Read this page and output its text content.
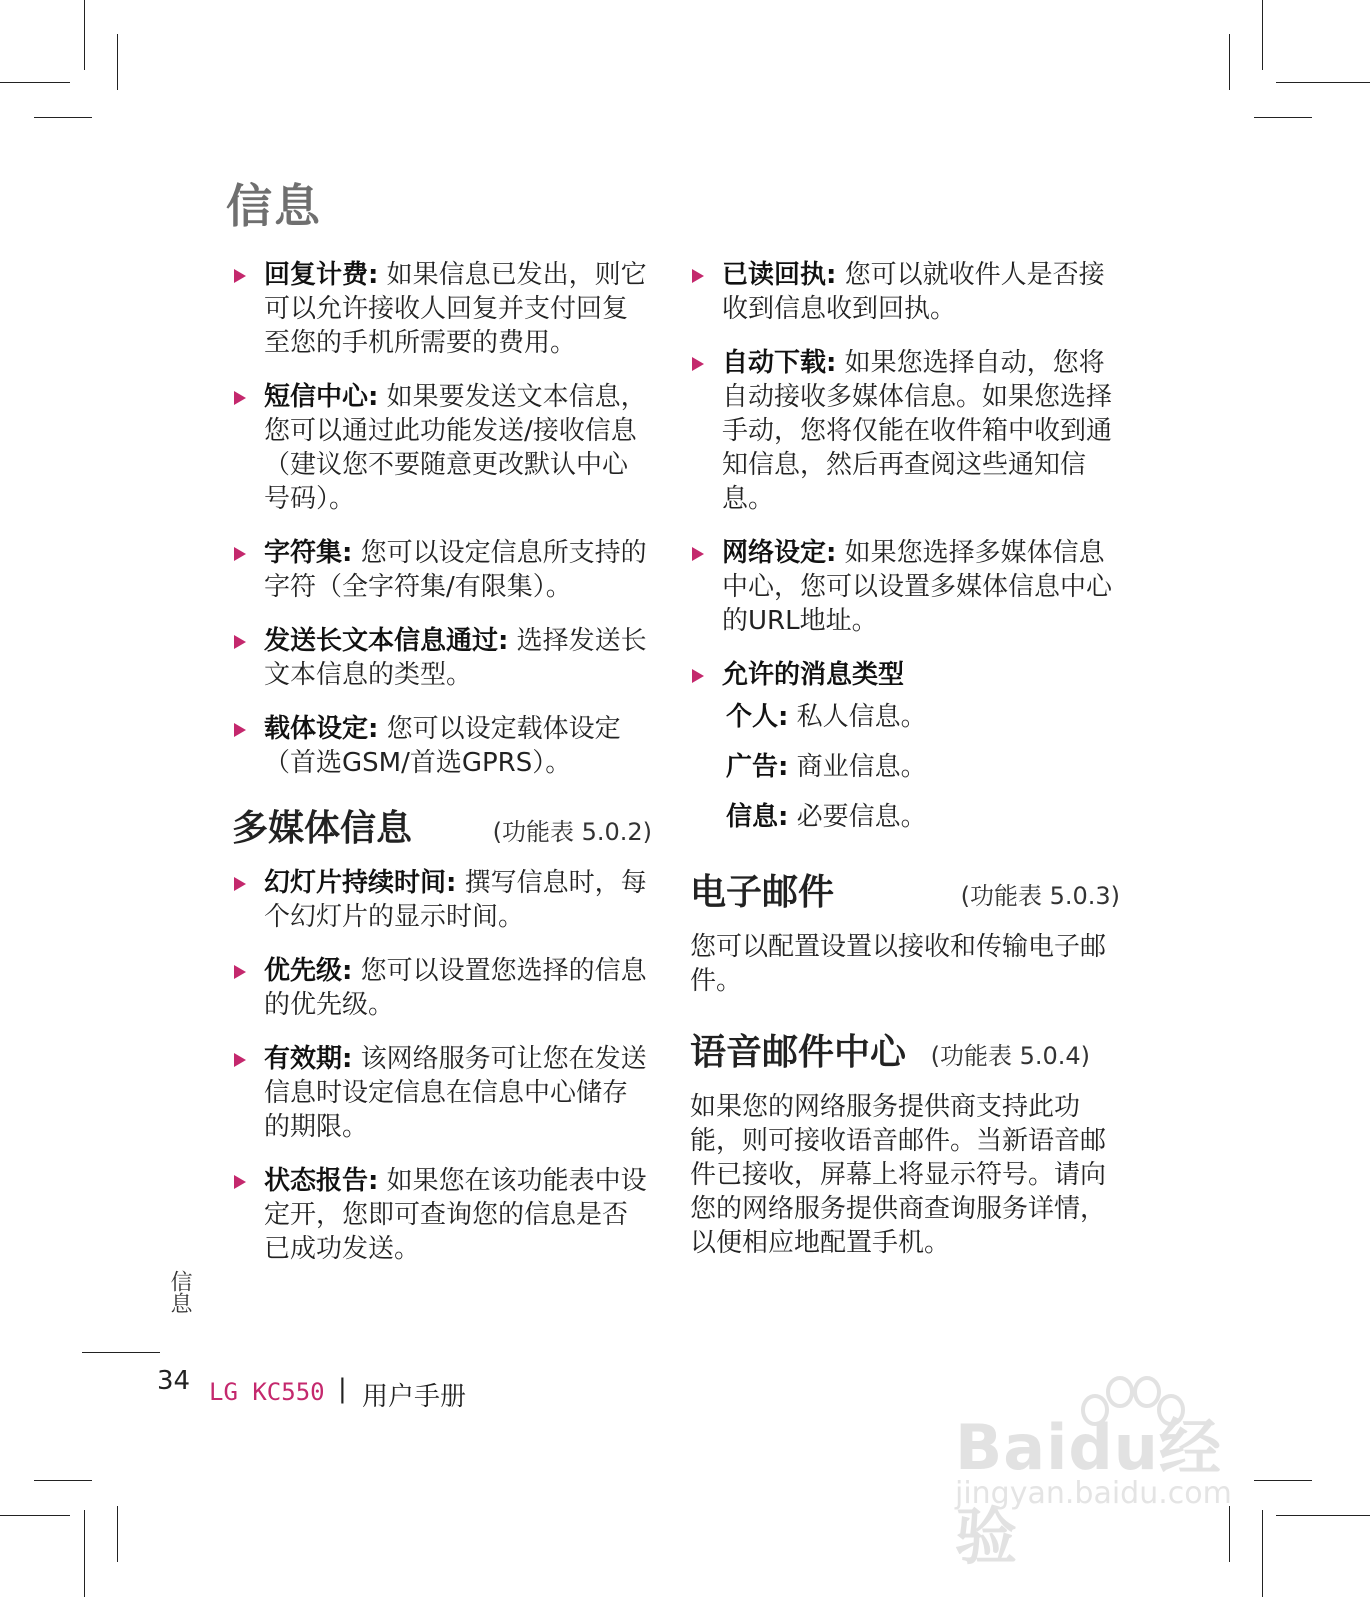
信息
回复计费: 如果信息已发出，则它可以允许接收人回复并支付回复至您的手机所需要的费用。
短信中心: 如果要发送文本信息，您可以通过此功能发送/接收信息（建议您不要随意更改默认中心号码）。
字符集: 您可以设定信息所支持的字符（全字符集/有限集）。
发送长文本信息通过: 选择发送长文本信息的类型。
载体设定: 您可以设定载体设定（首选GSM/首选GPRS）。
多媒体信息	(功能表 5.0.2)
幻灯片持续时间: 撰写信息时，每个幻灯片的显示时间。
优先级: 您可以设置您选择的信息的优先级。
有效期: 该网络服务可让您在发送信息时设定信息在信息中心储存的期限。
状态报告: 如果您在该功能表中设定开，您即可查询您的信息是否已成功发送。
已读回执: 您可以就收件人是否接收到信息收到回执。
自动下载: 如果您选择自动，您将自动接收多媒体信息。如果您选择手动，您将仅能在收件箱中收到通知信息，然后再查阅这些通知信息。
网络设定: 如果您选择多媒体信息中心，您可以设置多媒体信息中心的URL地址。
允许的消息类型
个人: 私人信息。
广告: 商业信息。
信息: 必要信息。
电子邮件	(功能表 5.0.3)
您可以配置设置以接收和传输电子邮件。
语音邮件中心 (功能表 5.0.4)
如果您的网络服务提供商支持此功能，则可接收语音邮件。当新语音邮件已接收，屏幕上将显示符号。请向您的网络服务提供商查询服务详情，以便相应地配置手机。
信息
34 LG KC550 | 用户手册
Baidu经验
jingyan.baidu.com
